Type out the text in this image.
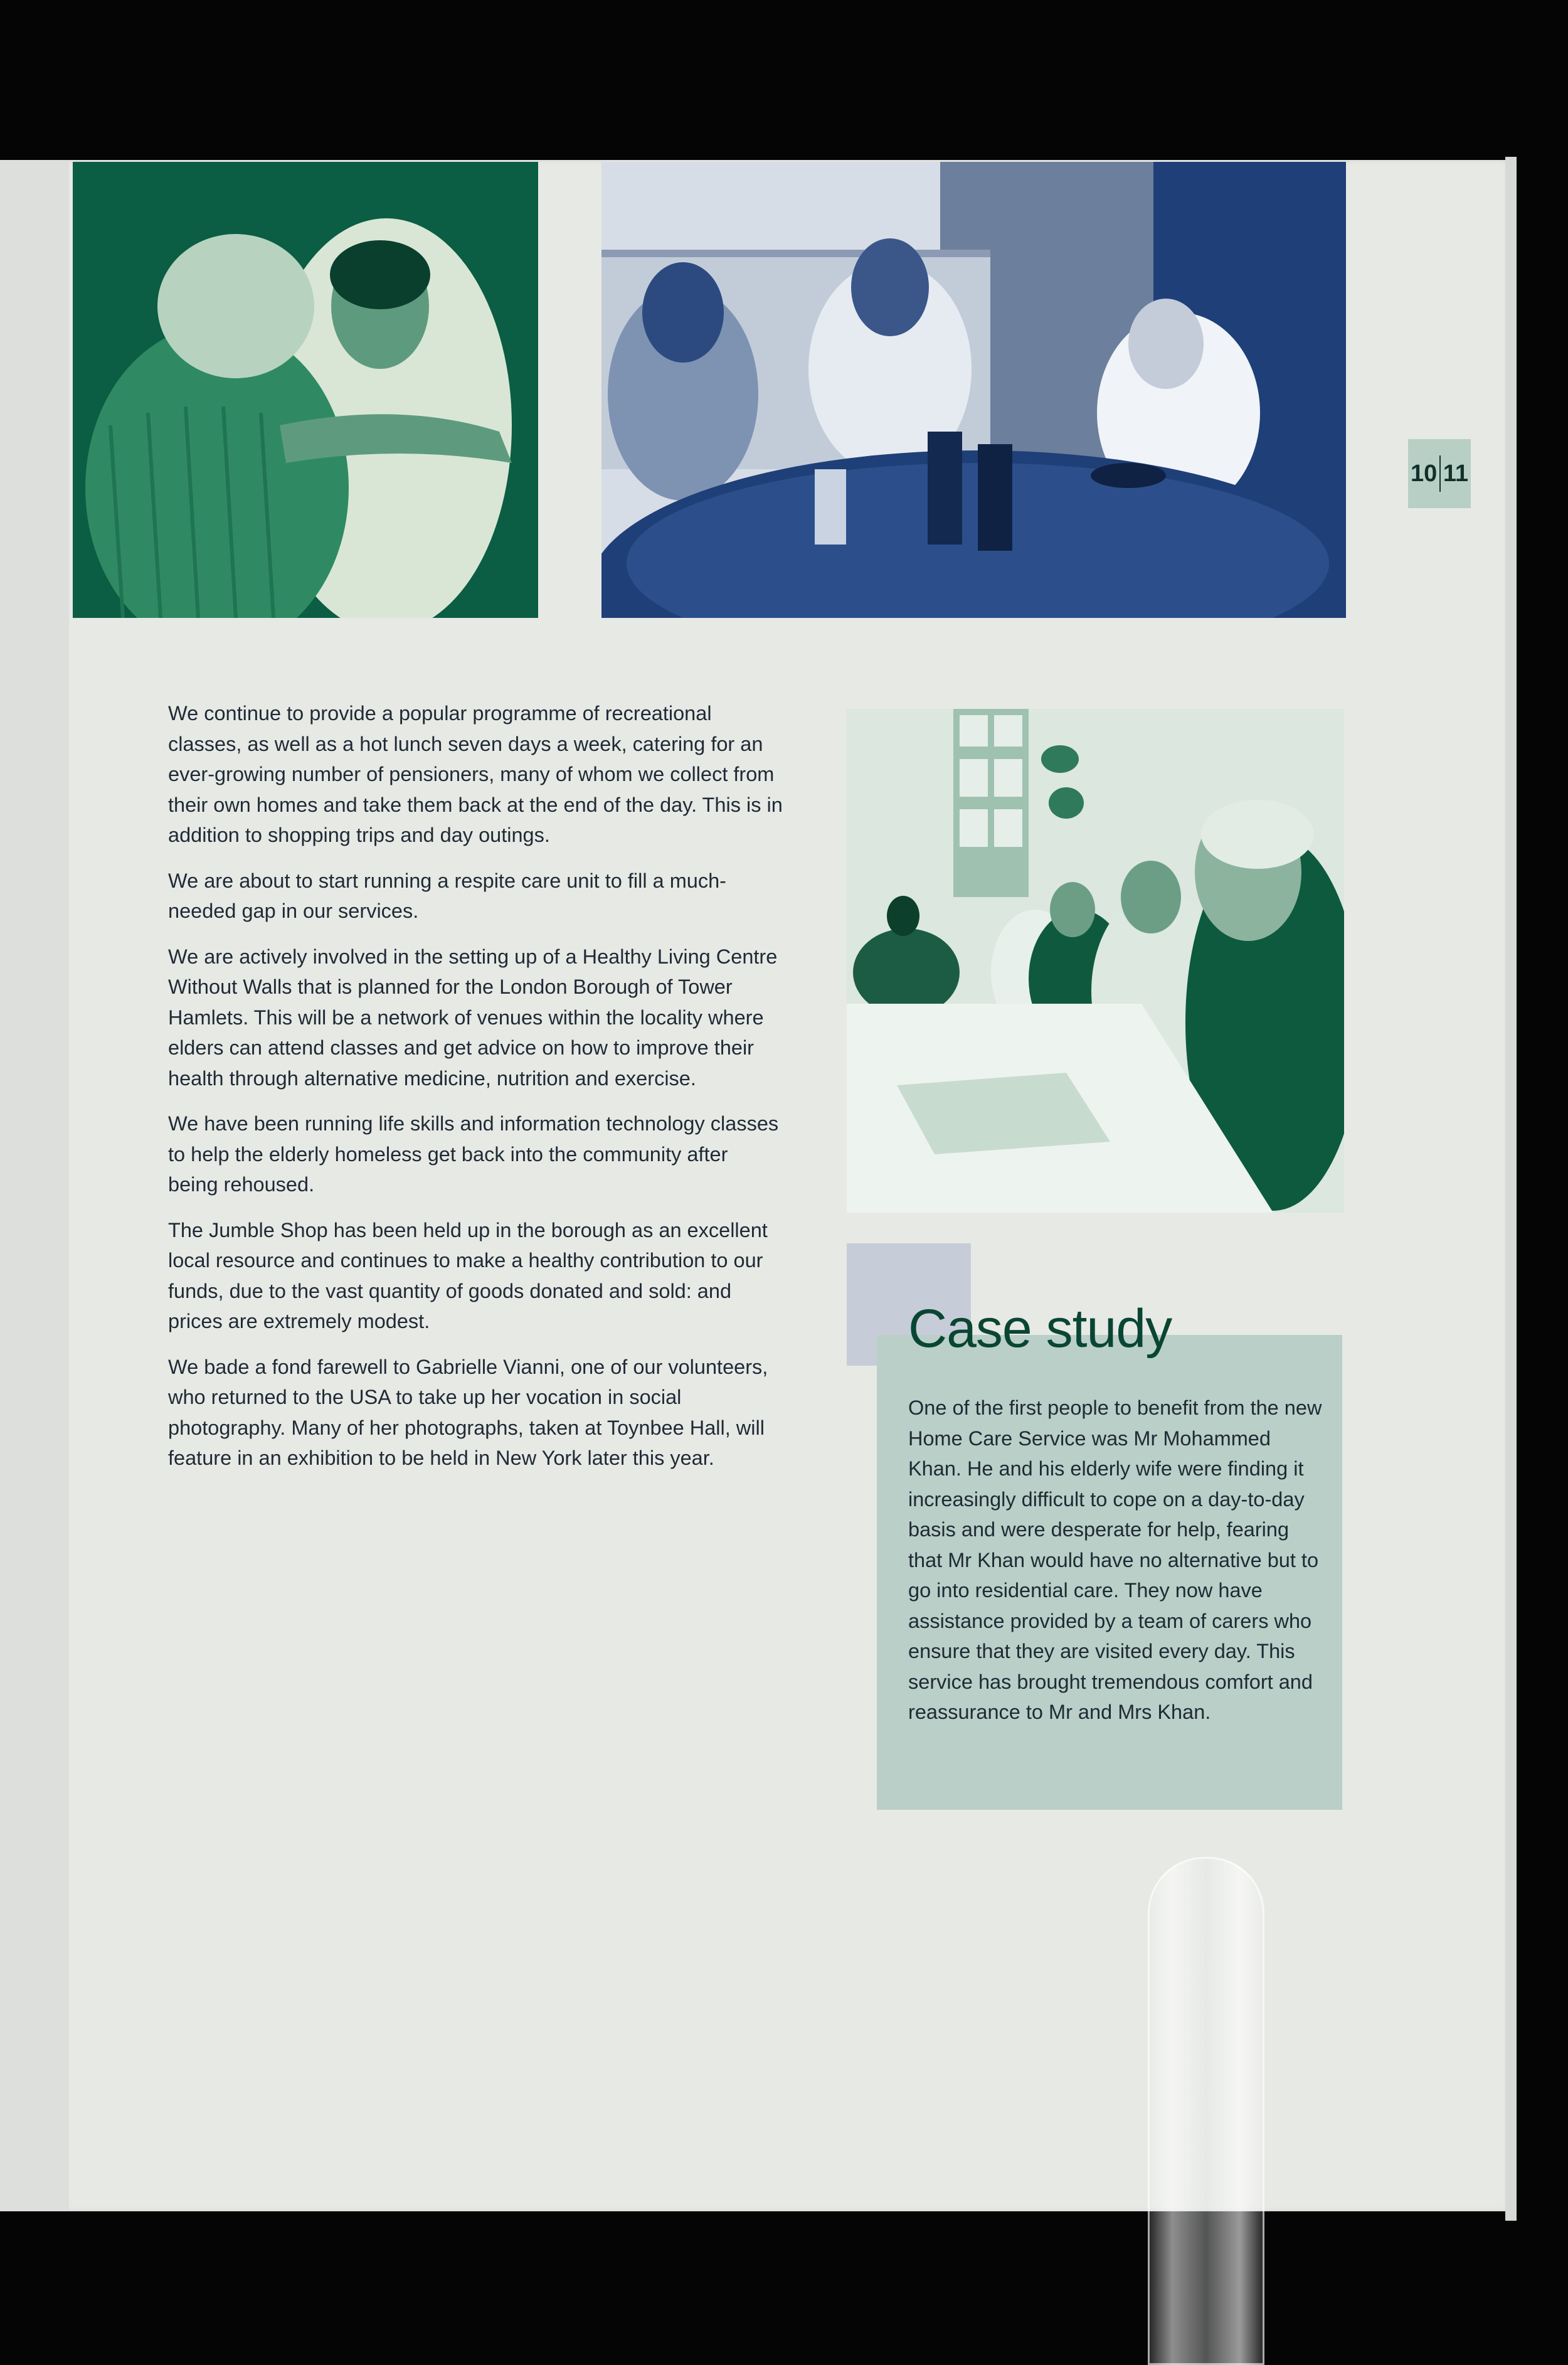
10 11

We continue to provide a popular programme of recreational classes, as well as a hot lunch seven days a week, catering for an ever-growing number of pensioners, many of whom we collect from their own homes and take them back at the end of the day. This is in addition to shopping trips and day outings.

We are about to start running a respite care unit to fill a much-needed gap in our services.

We are actively involved in the setting up of a Healthy Living Centre Without Walls that is planned for the London Borough of Tower Hamlets. This will be a network of venues within the locality where elders can attend classes and get advice on how to improve their health through alternative medicine, nutrition and exercise.

We have been running life skills and information technology classes to help the elderly homeless get back into the community after being rehoused.

The Jumble Shop has been held up in the borough as an excellent local resource and continues to make a healthy contribution to our funds, due to the vast quantity of goods donated and sold: and prices are extremely modest.

We bade a fond farewell to Gabrielle Vianni, one of our volunteers, who returned to the USA to take up her vocation in social photography. Many of her photographs, taken at Toynbee Hall, will feature in an exhibition to be held in New York later this year.

Case study
One of the first people to benefit from the new Home Care Service was Mr Mohammed Khan. He and his elderly wife were finding it increasingly difficult to cope on a day-to-day basis and were desperate for help, fearing that Mr Khan would have no alternative but to go into residential care. They now have assistance provided by a team of carers who ensure that they are visited every day. This service has brought tremendous comfort and reassurance to Mr and Mrs Khan.
